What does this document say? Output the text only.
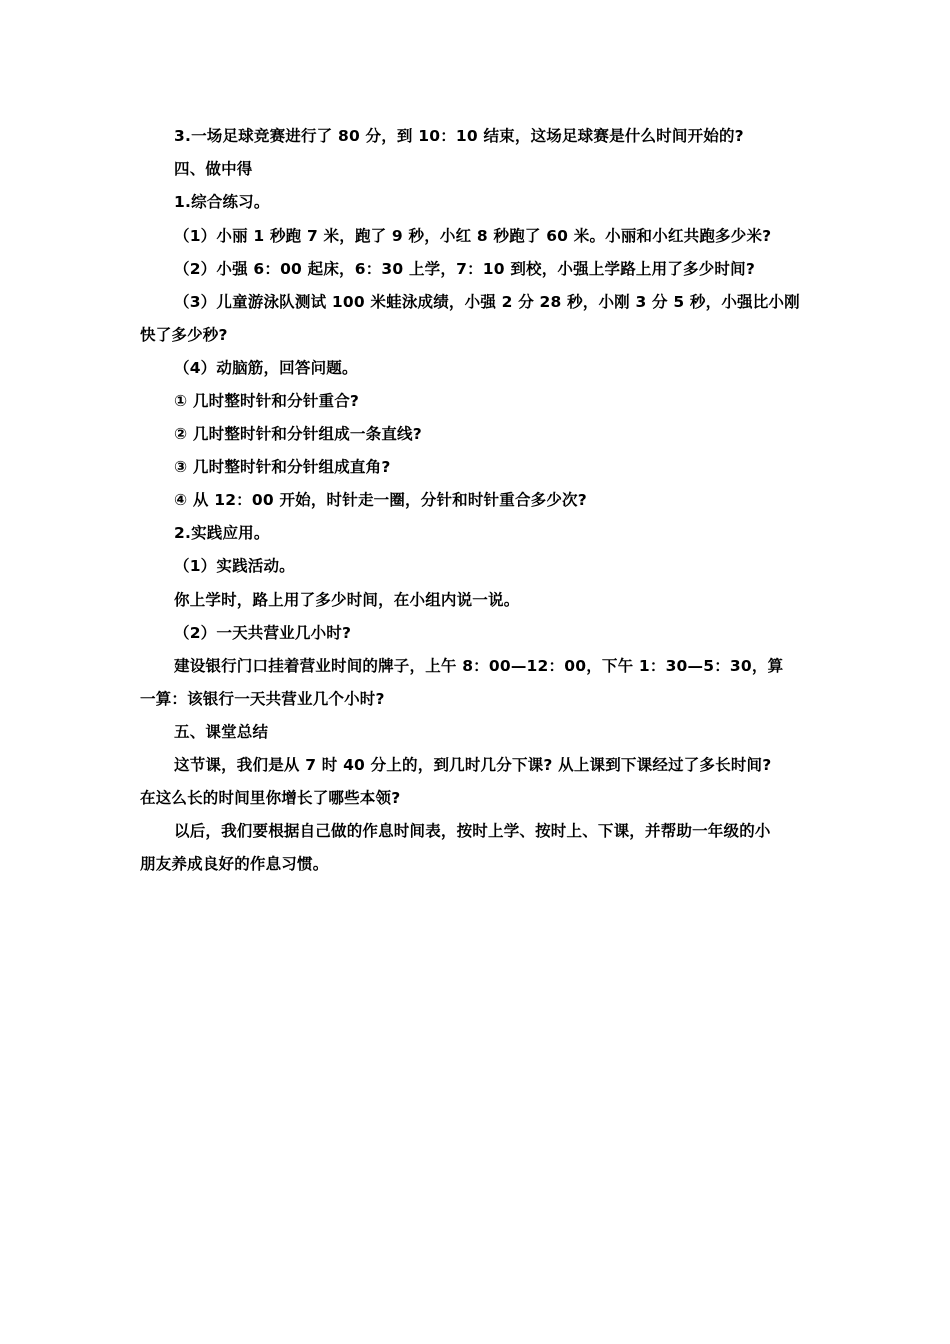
3.一场足球竞赛进行了 80 分，到 10：10 结束，这场足球赛是什么时间开始的?
四、做中得
1.综合练习。
（1）小丽 1 秒跑 7 米，跑了 9 秒，小红 8 秒跑了 60 米。小丽和小红共跑多少米?
（2）小强 6：00 起床，6：30 上学，7：10 到校，小强上学路上用了多少时间?
（3）儿童游泳队测试 100 米蛙泳成绩，小强 2 分 28 秒，小刚 3 分 5 秒，小强比小刚
快了多少秒?
（4）动脑筋，回答问题。
① 几时整时针和分针重合?
② 几时整时针和分针组成一条直线?
③ 几时整时针和分针组成直角?
④ 从 12：00 开始，时针走一圈，分针和时针重合多少次?
2.实践应用。
（1）实践活动。
你上学时，路上用了多少时间，在小组内说一说。
（2）一天共营业几小时?
建设银行门口挂着营业时间的牌子，上午 8：00—12：00，下午 1：30—5：30，算
一算：该银行一天共营业几个小时?
五、课堂总结
这节课，我们是从 7 时 40 分上的，到几时几分下课? 从上课到下课经过了多长时间?
在这么长的时间里你增长了哪些本领?
以后，我们要根据自己做的作息时间表，按时上学、按时上、下课，并帮助一年级的小
朋友养成良好的作息习惯。
